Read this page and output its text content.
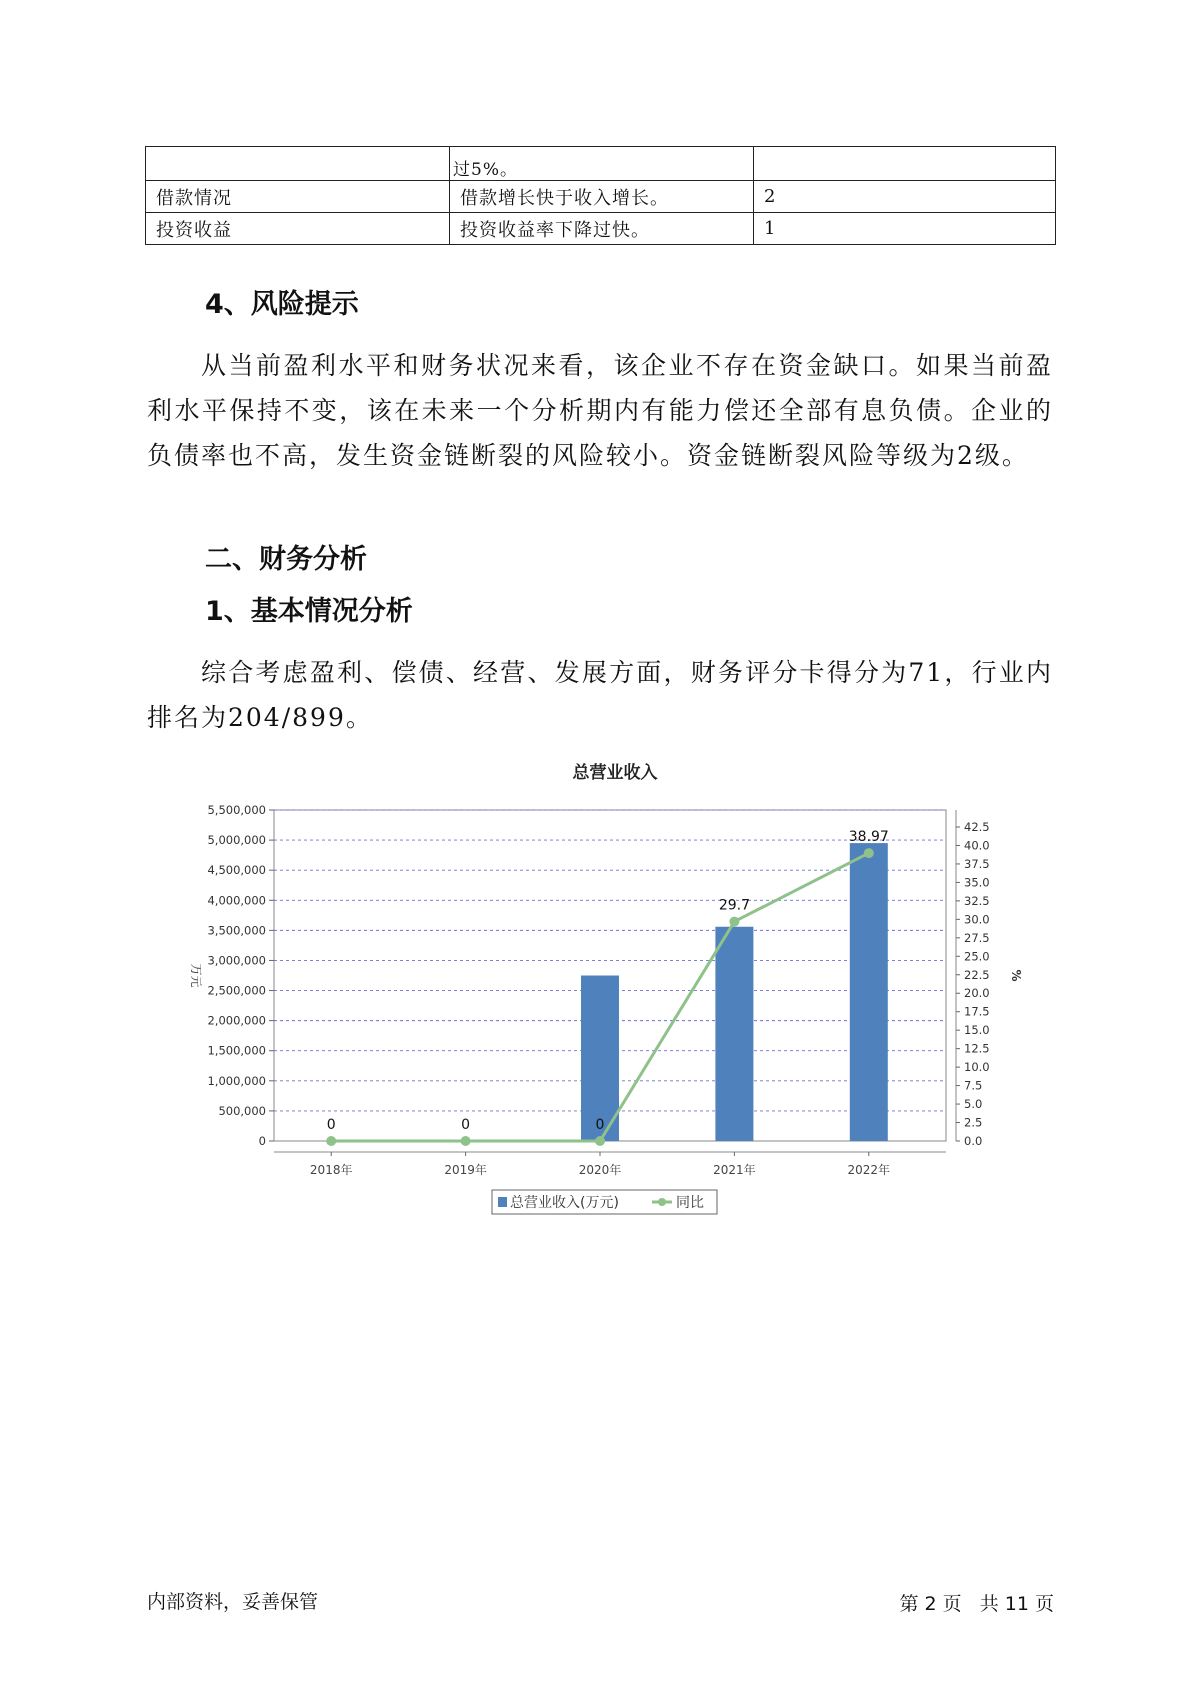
	过5%。	
借款情况	借款增长快于收入增长。	2
投资收益	投资收益率下降过快。	1
4、风险提示
从当前盈利水平和财务状况来看，该企业不存在资金缺口。如果当前盈利水平保持不变，该在未来一个分析期内有能力偿还全部有息负债。企业的负债率也不高，发生资金链断裂的风险较小。资金链断裂风险等级为2级。
二、财务分析
1、基本情况分析
综合考虑盈利、偿债、经营、发展方面，财务评分卡得分为71，行业内排名为204/899。
总营业收入
0
500,000
1,000,000
1,500,000
2,000,000
2,500,000
3,000,000
3,500,000
4,000,000
4,500,000
5,000,000
5,500,000
0.0
2.5
5.0
7.5
10.0
12.5
15.0
17.5
20.0
22.5
25.0
27.5
30.0
32.5
35.0
37.5
40.0
42.5
万元	%
2018年	2019年	2020年	2021年	2022年
0	0	0
29.7
38.97
总营业收入(万元)	同比
内部资料，妥善保管	第 2 页   共 11 页
